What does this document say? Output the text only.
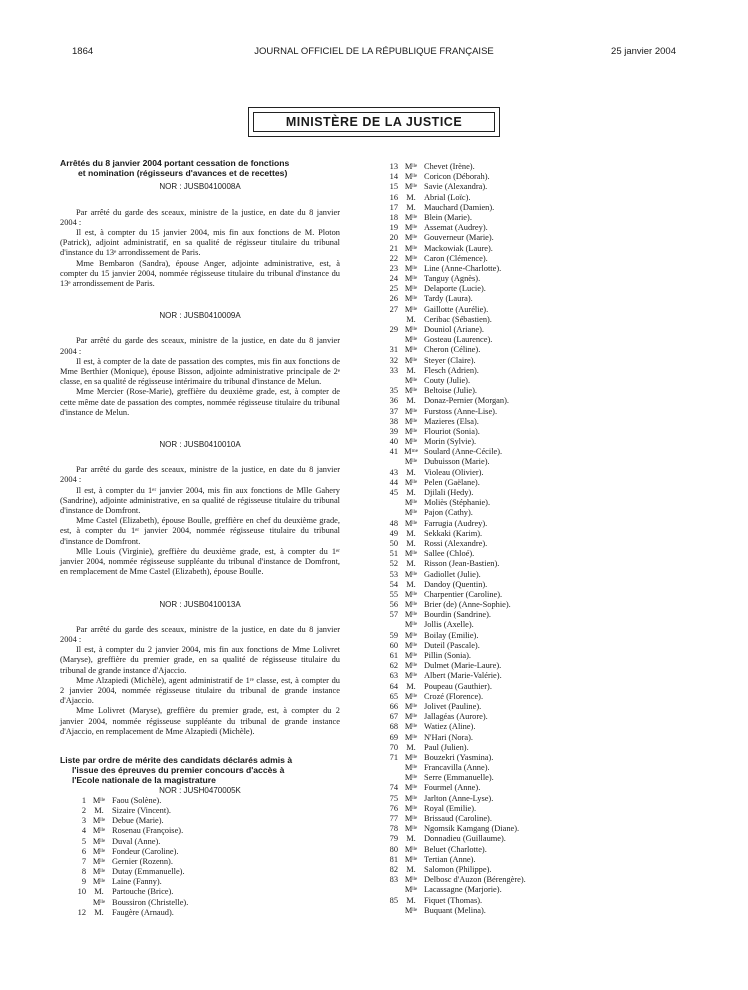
1864	JOURNAL OFFICIEL DE LA RÉPUBLIQUE FRANÇAISE	25 janvier 2004
MINISTÈRE DE LA JUSTICE
Arrêtés du 8 janvier 2004 portant cessation de fonctions
et nomination (régisseurs d'avances et de recettes)
NOR : JUSB0410008A

Par arrêté du garde des sceaux, ministre de la justice, en date du 8 janvier 2004 :

Il est, à compter du 15 janvier 2004, mis fin aux fonctions de M. Ploton (Patrick), adjoint administratif, en sa qualité de régisseur titulaire du tribunal d'instance du 13ᵉ arrondissement de Paris.

Mme Bembaron (Sandra), épouse Anger, adjointe administrative, est, à compter du 15 janvier 2004, nommée régisseuse titulaire du tribunal d'instance du 13ᵉ arrondissement de Paris.

NOR : JUSB0410009A

Par arrêté du garde des sceaux, ministre de la justice, en date du 8 janvier 2004 :

Il est, à compter de la date de passation des comptes, mis fin aux fonctions de Mme Berthier (Monique), épouse Bisson, adjointe administrative principale de 2ᵉ classe, en sa qualité de régisseuse intérimaire du tribunal d'instance de Melun.

Mme Mercier (Rose-Marie), greffière du deuxième grade, est, à compter de cette même date de passation des comptes, nommée régisseuse titulaire du tribunal d'instance de Melun.

NOR : JUSB0410010A

Par arrêté du garde des sceaux, ministre de la justice, en date du 8 janvier 2004 :

Il est, à compter du 1ᵉʳ janvier 2004, mis fin aux fonctions de Mlle Gahery (Sandrine), adjointe administrative, en sa qualité de régisseuse titulaire du tribunal d'instance de Domfront.

Mme Castel (Elizabeth), épouse Boulle, greffière en chef du deuxième grade, est, à compter du 1ᵉʳ janvier 2004, nommée régisseuse titulaire du tribunal d'instance de Domfront.

Mlle Louis (Virginie), greffière du deuxième grade, est, à compter du 1ᵉʳ janvier 2004, nommée régisseuse suppléante du tribunal d'instance de Domfront, en remplacement de Mme Castel (Elizabeth), épouse Boulle.

NOR : JUSB0410013A

Par arrêté du garde des sceaux, ministre de la justice, en date du 8 janvier 2004 :

Il est, à compter du 2 janvier 2004, mis fin aux fonctions de Mme Lolivret (Maryse), greffière du premier grade, en sa qualité de régisseuse titulaire du tribunal de grande instance d'Ajaccio.

Mme Alzapiedi (Michèle), agent administratif de 1ʳᵉ classe, est, à compter du 2 janvier 2004, nommée régisseuse titulaire du tribunal de grande instance d'Ajaccio.

Mme Lolivret (Maryse), greffière du premier grade, est, à compter du 2 janvier 2004, nommée régisseuse suppléante du tribunal de grande instance d'Ajaccio, en remplacement de Mme Alzapiedi (Michèle).

Liste par ordre de mérite des candidats déclarés admis à
l'issue des épreuves du premier concours d'accès à
l'Ecole nationale de la magistrature
NOR : JUSH0470005K
1 Mˡˡᵉ Faou (Solène).
2 M. Sizaire (Vincent).
3 Mˡˡᵉ Debue (Marie).
4 Mˡˡᵉ Rosenau (Françoise).
5 Mˡˡᵉ Duval (Anne).
6 Mˡˡᵉ Fondeur (Caroline).
7 Mˡˡᵉ Gernier (Rozenn).
8 Mˡˡᵉ Dutay (Emmanuelle).
9 Mˡˡᵉ Laine (Fanny).
10 M. Partouche (Brice).
Mˡˡᵉ Boussiron (Christelle).
12 M. Faugère (Arnaud).
13 Mˡˡᵉ Chevet (Irène).
14 Mˡˡᵉ Coricon (Déborah).
15 Mˡˡᵉ Savie (Alexandra).
16 M. Abrial (Loïc).
17 M. Mauchard (Damien).
18 Mˡˡᵉ Blein (Marie).
19 Mˡˡᵉ Assemat (Audrey).
20 Mˡˡᵉ Gouverneur (Marie).
21 Mˡˡᵉ Mackowiak (Laure).
22 Mˡˡᵉ Caron (Clémence).
23 Mˡˡᵉ Line (Anne-Charlotte).
24 Mˡˡᵉ Tanguy (Agnès).
25 Mˡˡᵉ Delaporte (Lucie).
26 Mˡˡᵉ Tardy (Laura).
27 Mˡˡᵉ Gaillotte (Aurélie).
M. Ceribac (Sébastien).
29 Mˡˡᵉ Douniol (Ariane).
Mˡˡᵉ Gosteau (Laurence).
31 Mˡˡᵉ Cheron (Céline).
32 Mˡˡᵉ Steyer (Claire).
33 M. Flesch (Adrien).
Mˡˡᵉ Couty (Julie).
35 Mˡˡᵉ Beltoise (Julie).
36 M. Donaz-Pernier (Morgan).
37 Mˡˡᵉ Furstoss (Anne-Lise).
38 Mˡˡᵉ Mazieres (Elsa).
39 Mˡˡᵉ Flouriot (Sonia).
40 Mˡˡᵉ Morin (Sylvie).
41 Mᵐᵉ Soulard (Anne-Cécile).
Mˡˡᵉ Dubuisson (Marie).
43 M. Violeau (Olivier).
44 Mˡˡᵉ Pelen (Gaëlane).
45 M. Djilali (Hedy).
Mˡˡᵉ Moliès (Stéphanie).
Mˡˡᵉ Pajon (Cathy).
48 Mˡˡᵉ Farrugia (Audrey).
49 M. Sekkaki (Karim).
50 M. Rossi (Alexandre).
51 Mˡˡᵉ Sallee (Chloé).
52 M. Risson (Jean-Bastien).
53 Mˡˡᵉ Gadiollet (Julie).
54 M. Dandoy (Quentin).
55 Mˡˡᵉ Charpentier (Caroline).
56 Mˡˡᵉ Brier (de) (Anne-Sophie).
57 Mˡˡᵉ Bourdin (Sandrine).
Mˡˡᵉ Jollis (Axelle).
59 Mˡˡᵉ Boilay (Emilie).
60 Mˡˡᵉ Duteil (Pascale).
61 Mˡˡᵉ Pillin (Sonia).
62 Mˡˡᵉ Dulmet (Marie-Laure).
63 Mˡˡᵉ Albert (Marie-Valérie).
64 M. Poupeau (Gauthier).
65 Mˡˡᵉ Crozé (Florence).
66 Mˡˡᵉ Jolivet (Pauline).
67 Mˡˡᵉ Jallagéas (Aurore).
68 Mˡˡᵉ Watiez (Aline).
69 Mˡˡᵉ N'Hari (Nora).
70 M. Paul (Julien).
71 Mˡˡᵉ Bouzekri (Yasmina).
Mˡˡᵉ Francavilla (Anne).
Mˡˡᵉ Serre (Emmanuelle).
74 Mˡˡᵉ Fourmel (Anne).
75 Mˡˡᵉ Jarlton (Anne-Lyse).
76 Mˡˡᵉ Royal (Emilie).
77 Mˡˡᵉ Brissaud (Caroline).
78 Mˡˡᵉ Ngomsik Kamgang (Diane).
79 M. Donnadieu (Guillaume).
80 Mˡˡᵉ Beluet (Charlotte).
81 Mˡˡᵉ Tertian (Anne).
82 M. Salomon (Philippe).
83 Mˡˡᵉ Delbosc d'Auzon (Bérengère).
Mˡˡᵉ Lacassagne (Marjorie).
85 M. Fiquet (Thomas).
Mˡˡᵉ Buquant (Melina).
